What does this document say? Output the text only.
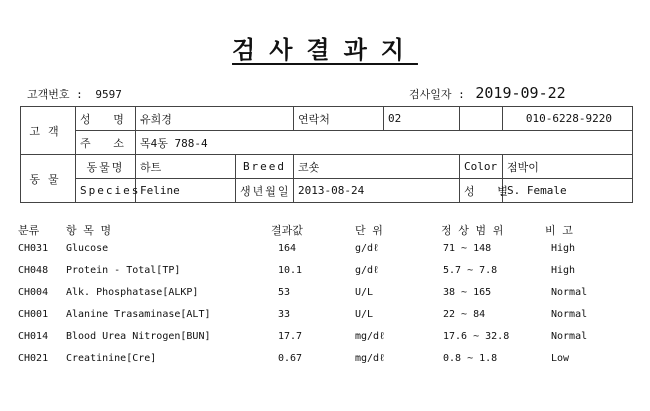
검사결과지
고객번호 : 9597	검사일자 : 2019-09-22
고객	성 명	유희경		연락처	02		010-6228-9220
	주 소	목4동 788-4					
동물	동물명	하트	Breed	코숏		Color	점박이
	Species	Feline	생년월일	2013-08-24		성 별	S. Female
분류 항 목 명	결과값	단 위	정 상 범 위	비 고
CH031 Glucose	164	g/dℓ	71 ~ 148	High
CH048 Protein - Total[TP]	10.1	g/dℓ	5.7 ~ 7.8	High
CH004 Alk. Phosphatase[ALKP]	53	U/L	38 ~ 165	Normal
CH001 Alanine Trasaminase[ALT]	33	U/L	22 ~ 84	Normal
CH014 Blood Urea Nitrogen[BUN]	17.7	mg/dℓ	17.6 ~ 32.8	Normal
CH021 Creatinine[Cre]	0.67	mg/dℓ	0.8 ~ 1.8	Low
